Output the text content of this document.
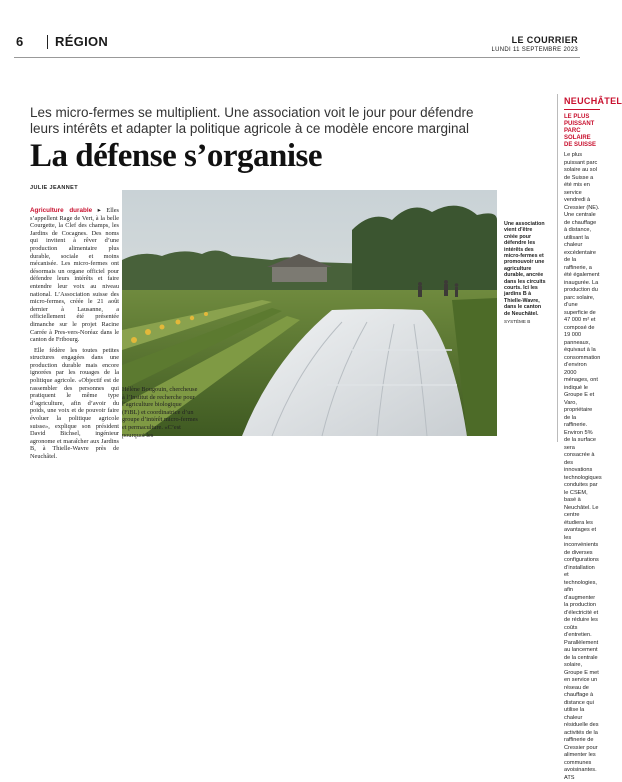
6 RÉGION	LE COURRIER
LUNDI 11 SEPTEMBRE 2023
Les micro-fermes se multiplient. Une association voit le jour pour défendre leurs intérêts et adapter la politique agricole à ce modèle encore marginal
La défense s’organise
JULIE JEANNET

Agriculture durable ▸ Elles s’appellent Rage de Vert, à la belle Courgette, la Clef des champs, les Jardins de Cocagnes. Des noms qui invitent à rêver d’une production alimentaire plus durable, sociale et moins mécanisée. Les micro-fermes ont désormais un organe officiel pour défendre leurs intérêts et faire entendre leur voix au niveau national. L’Association suisse des micro-fermes, créée le 21 août dernier à Lausanne, a officiellement été présentée dimanche sur le projet Racine Carrée à Pres-vers-Noréaz dans le canton de Fribourg.

Elle fédère les toutes petites structures engagées dans une production durable mais encore ignorées par les rouages de la politique agricole. «Objectif est de rassembler des personnes qui pratiquent le même type d’agriculture, afin d’avoir du poids, une voix et de pouvoir faire évoluer la politique agricole suisse», explique son président David Bichsel, ingénieur agronome et maraîcher aux Jardins B, à Thielle-Wavre près de Neuchâtel.

Une association vient d’être créée pour défendre les intérêts des micro-fermes et promouvoir une agriculture durable, ancrée dans les circuits courts. Ici les jardins B à Thielle-Wavre, dans le canton de Neuchâtel.
SYSTÈME B
Hélène Bougouin, chercheuse à l’Institut de recherche pour l’agriculture biologique (FiBL) et coordinatrice d’un groupe d’intérêt micro-fermes et permaculture. «C’est pourquoi les
NEUCHÂTEL
LE PLUS PUISSANT PARC SOLAIRE DE SUISSE
Le plus puissant parc solaire au sol de Suisse a été mis en service vendredi à Cressier (NE). Une centrale de chauffage à distance, utilisant la chaleur excédentaire de la raffinerie, a été également inaugurée. La production du parc solaire, d’une superficie de 47 000 m² et composé de 19 000 panneaux, équivaut à la consommation d’environ 2000 ménages, ont indiqué le Groupe E et Varo, propriétaire de la raffinerie. Environ 5% de la surface sera consacrée à des innovations technologiques conduites par le CSEM, basé à Neuchâtel. Le centre étudiera les avantages et les inconvénients de diverses configurations d’installation et technologies, afin d’augmenter la production d’électricité et de réduire les coûts d’entretien. Parallèlement au lancement de la centrale solaire, Groupe E met en service un réseau de chauffage à distance qui utilise la chaleur résiduelle des activités de la raffinerie de Cressier pour alimenter les communes avoisinantes. ATS
